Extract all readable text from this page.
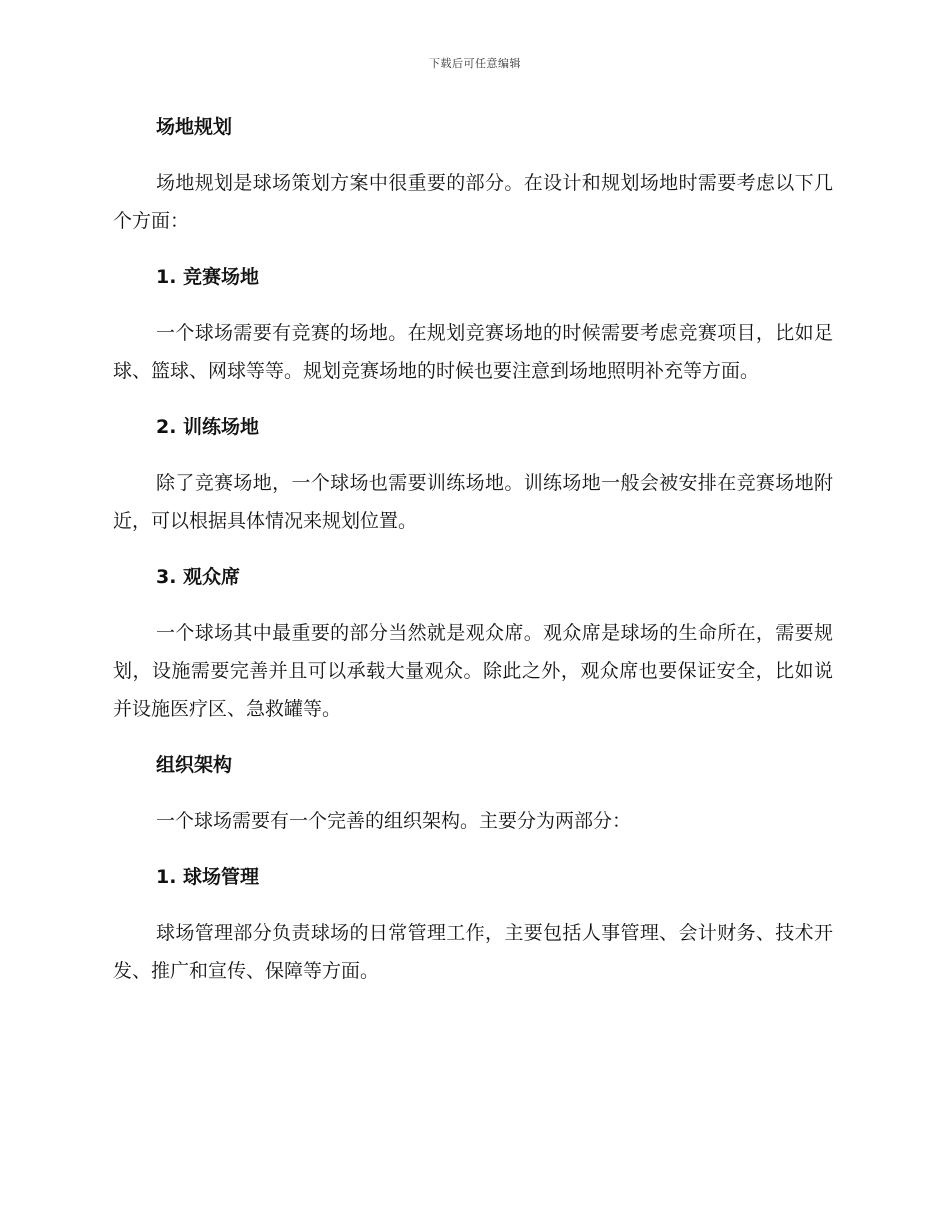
下载后可任意编辑
场地规划
场地规划是球场策划方案中很重要的部分。在设计和规划场地时需要考虑以下几个方面：
1. 竞赛场地
一个球场需要有竞赛的场地。在规划竞赛场地的时候需要考虑竞赛项目，比如足球、篮球、网球等等。规划竞赛场地的时候也要注意到场地照明补充等方面。
2. 训练场地
除了竞赛场地，一个球场也需要训练场地。训练场地一般会被安排在竞赛场地附近，可以根据具体情况来规划位置。
3. 观众席
一个球场其中最重要的部分当然就是观众席。观众席是球场的生命所在，需要规划，设施需要完善并且可以承载大量观众。除此之外，观众席也要保证安全，比如说并设施医疗区、急救罐等。
组织架构
一个球场需要有一个完善的组织架构。主要分为两部分：
1. 球场管理
球场管理部分负责球场的日常管理工作，主要包括人事管理、会计财务、技术开发、推广和宣传、保障等方面。
